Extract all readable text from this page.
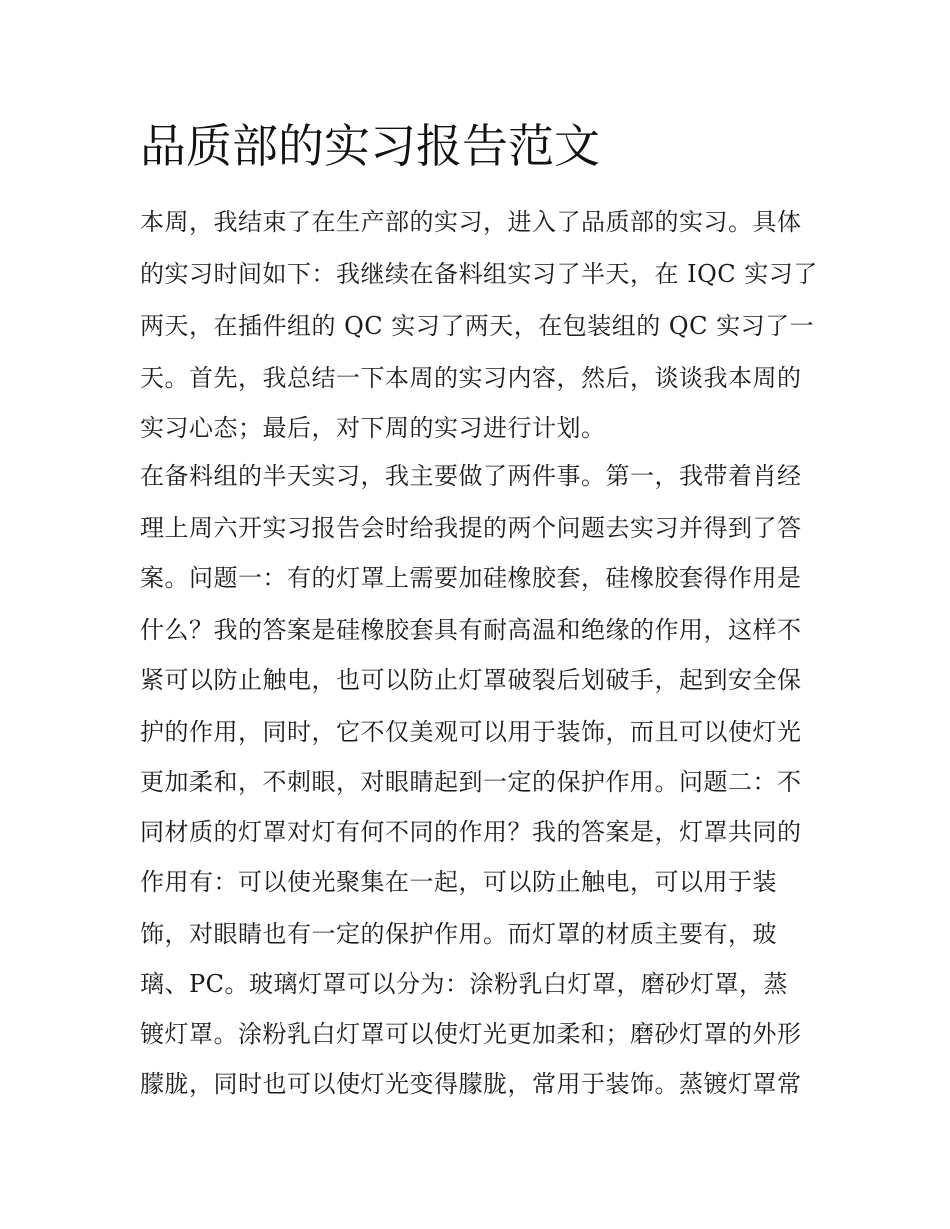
品质部的实习报告范文
本周，我结束了在生产部的实习，进入了品质部的实习。具体
的实习时间如下：我继续在备料组实习了半天，在 IQC 实习了
两天，在插件组的 QC 实习了两天，在包装组的 QC 实习了一
天。首先，我总结一下本周的实习内容，然后，谈谈我本周的
实习心态；最后，对下周的实习进行计划。
在备料组的半天实习，我主要做了两件事。第一，我带着肖经
理上周六开实习报告会时给我提的两个问题去实习并得到了答
案。问题一：有的灯罩上需要加硅橡胶套，硅橡胶套得作用是
什么？我的答案是硅橡胶套具有耐高温和绝缘的作用，这样不
紧可以防止触电，也可以防止灯罩破裂后划破手，起到安全保
护的作用，同时，它不仅美观可以用于装饰，而且可以使灯光
更加柔和，不刺眼，对眼睛起到一定的保护作用。问题二：不
同材质的灯罩对灯有何不同的作用？我的答案是，灯罩共同的
作用有：可以使光聚集在一起，可以防止触电，可以用于装
饰，对眼睛也有一定的保护作用。而灯罩的材质主要有，玻
璃、PC。玻璃灯罩可以分为：涂粉乳白灯罩，磨砂灯罩，蒸
镀灯罩。涂粉乳白灯罩可以使灯光更加柔和；磨砂灯罩的外形
朦胧，同时也可以使灯光变得朦胧，常用于装饰。蒸镀灯罩常
